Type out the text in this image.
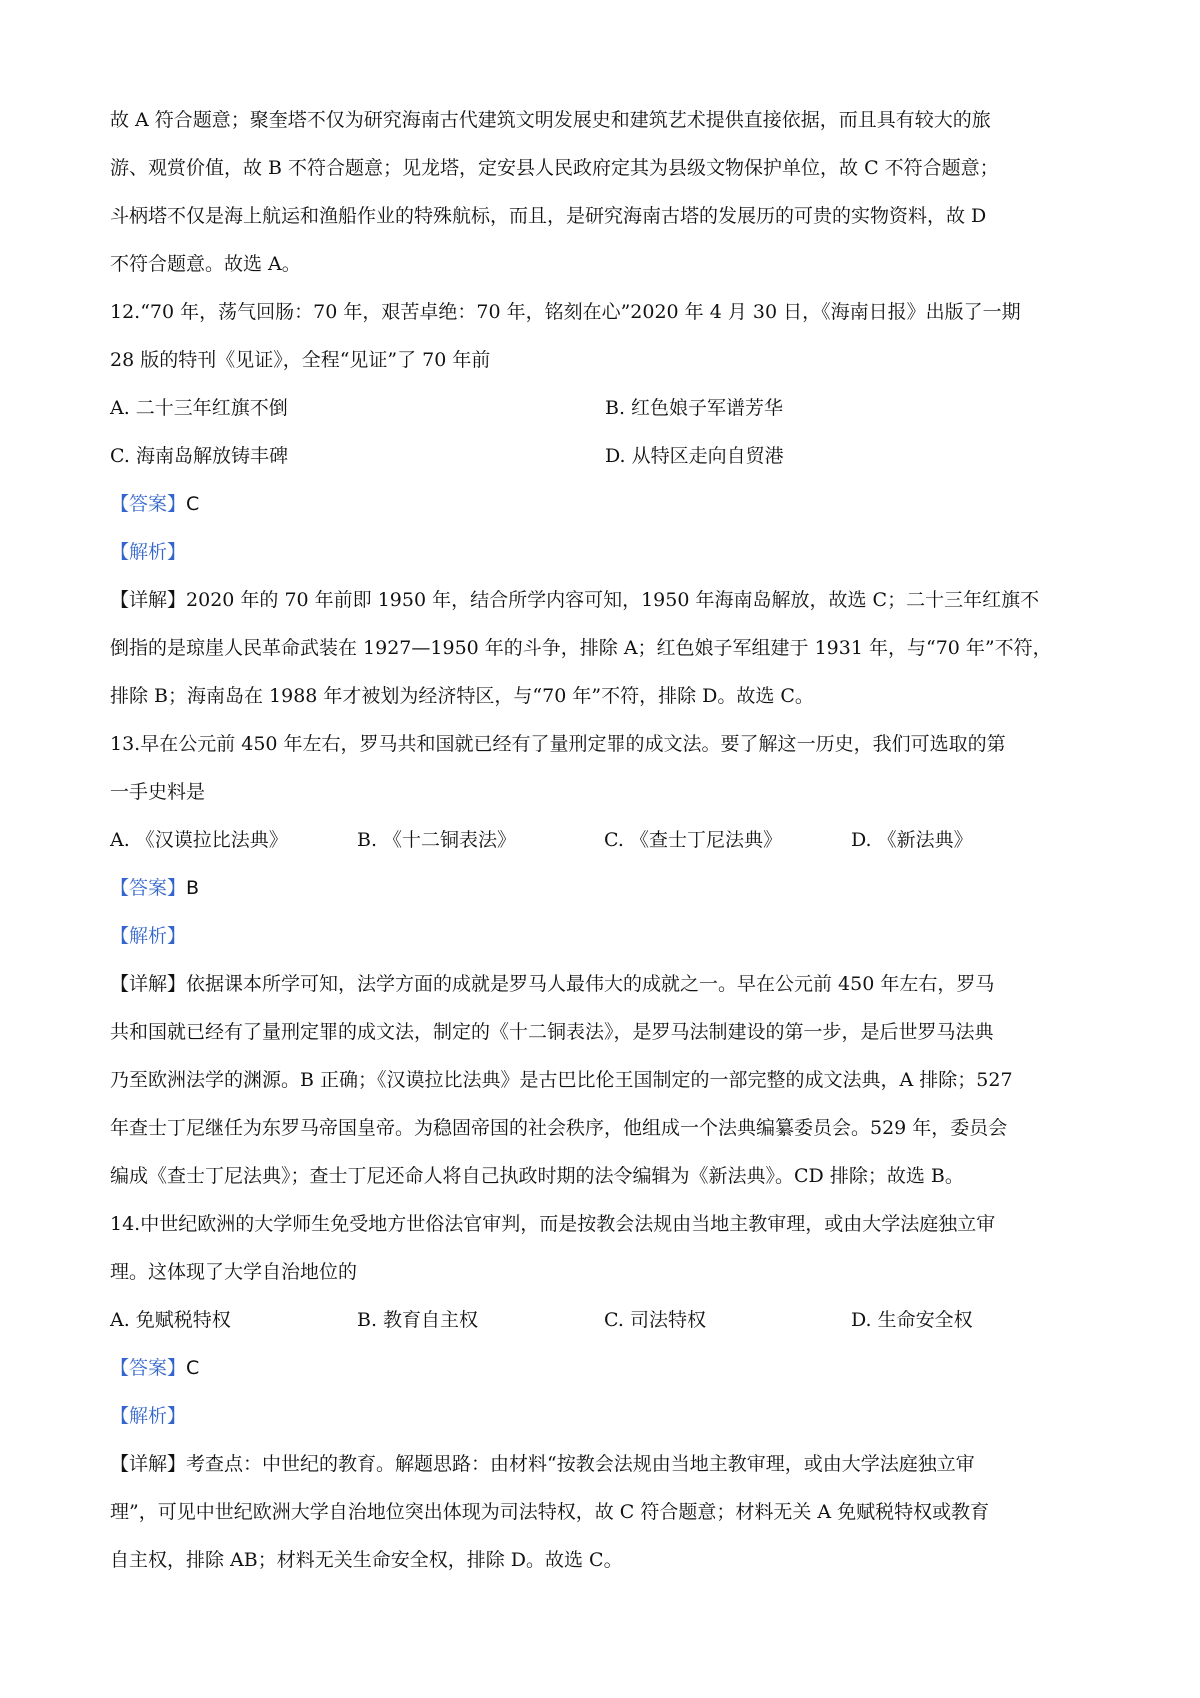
故 A 符合题意；聚奎塔不仅为研究海南古代建筑文明发展史和建筑艺术提供直接依据，而且具有较大的旅
游、观赏价值，故 B 不符合题意；见龙塔，定安县人民政府定其为县级文物保护单位，故 C 不符合题意；
斗柄塔不仅是海上航运和渔船作业的特殊航标，而且，是研究海南古塔的发展历的可贵的实物资料，故 D
不符合题意。故选 A。
12.“70 年，荡气回肠：70 年，艰苦卓绝：70 年，铭刻在心”2020 年 4 月 30 日，《海南日报》出版了一期
28 版的特刊《见证》，全程“见证”了 70 年前
A. 二十三年红旗不倒	B. 红色娘子军谱芳华
C. 海南岛解放铸丰碑	D. 从特区走向自贸港
【答案】C
【解析】
【详解】2020 年的 70 年前即 1950 年，结合所学内容可知，1950 年海南岛解放，故选 C；二十三年红旗不
倒指的是琼崖人民革命武装在 1927—1950 年的斗争，排除 A；红色娘子军组建于 1931 年，与“70 年”不符，
排除 B；海南岛在 1988 年才被划为经济特区，与“70 年”不符，排除 D。故选 C。
13.早在公元前 450 年左右，罗马共和国就已经有了量刑定罪的成文法。要了解这一历史，我们可选取的第
一手史料是
A. 《汉谟拉比法典》	B. 《十二铜表法》	C. 《查士丁尼法典》	D. 《新法典》
【答案】B
【解析】
【详解】依据课本所学可知，法学方面的成就是罗马人最伟大的成就之一。早在公元前 450 年左右，罗马
共和国就已经有了量刑定罪的成文法，制定的《十二铜表法》，是罗马法制建设的第一步，是后世罗马法典
乃至欧洲法学的渊源。B 正确；《汉谟拉比法典》是古巴比伦王国制定的一部完整的成文法典，A 排除；527
年查士丁尼继任为东罗马帝国皇帝。为稳固帝国的社会秩序，他组成一个法典编纂委员会。529 年，委员会
编成《查士丁尼法典》；查士丁尼还命人将自己执政时期的法令编辑为《新法典》。CD 排除；故选 B。
14.中世纪欧洲的大学师生免受地方世俗法官审判，而是按教会法规由当地主教审理，或由大学法庭独立审
理。这体现了大学自治地位的
A. 免赋税特权	B. 教育自主权	C. 司法特权	D. 生命安全权
【答案】C
【解析】
【详解】考查点：中世纪的教育。解题思路：由材料“按教会法规由当地主教审理，或由大学法庭独立审
理”，可见中世纪欧洲大学自治地位突出体现为司法特权，故 C 符合题意；材料无关 A 免赋税特权或教育
自主权，排除 AB；材料无关生命安全权，排除 D。故选 C。
